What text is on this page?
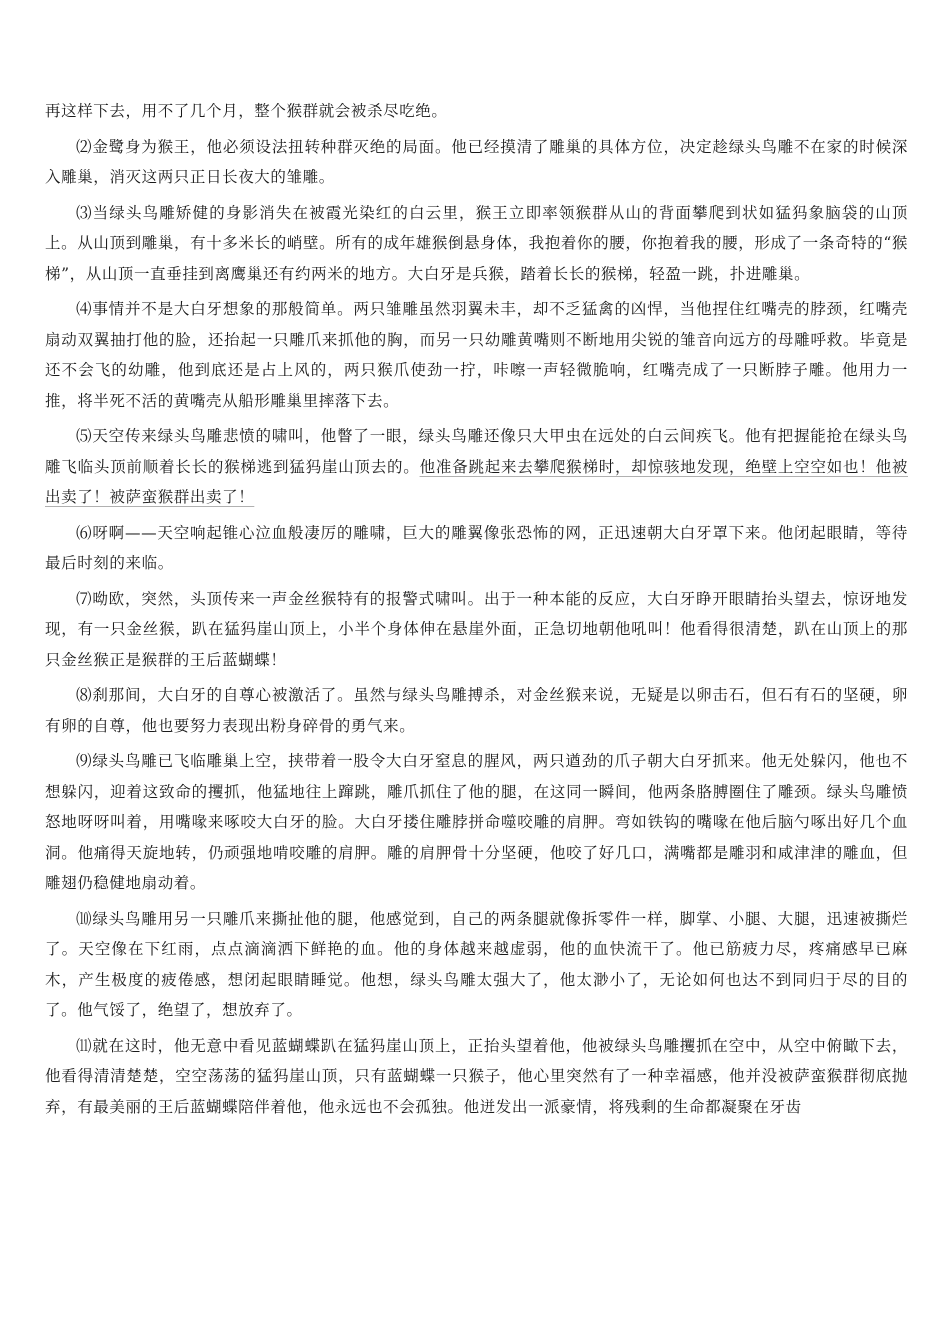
再这样下去，用不了几个月，整个猴群就会被杀尽吃绝。

⑵金鹭身为猴王，他必须设法扭转种群灭绝的局面。他已经摸清了雕巢的具体方位，决定趁绿头鸟雕不在家的时候深入雕巢，消灭这两只正日长夜大的雏雕。

⑶当绿头鸟雕矫健的身影消失在被霞光染红的白云里，猴王立即率领猴群从山的背面攀爬到状如猛犸象脑袋的山顶上。从山顶到雕巢，有十多米长的峭壁。所有的成年雄猴倒悬身体，我抱着你的腰，你抱着我的腰，形成了一条奇特的“猴梯”，从山顶一直垂挂到离鹰巢还有约两米的地方。大白牙是兵猴，踏着长长的猴梯，轻盈一跳，扑进雕巢。

⑷事情并不是大白牙想象的那般简单。两只雏雕虽然羽翼未丰，却不乏猛禽的凶悍，当他捏住红嘴壳的脖颈，红嘴壳扇动双翼抽打他的脸，还抬起一只雕爪来抓他的胸，而另一只幼雕黄嘴则不断地用尖锐的雏音向远方的母雕呼救。毕竟是还不会飞的幼雕，他到底还是占上风的，两只猴爪使劲一拧，咔嚓一声轻微脆响，红嘴壳成了一只断脖子雕。他用力一推，将半死不活的黄嘴壳从船形雕巢里摔落下去。

⑸天空传来绿头鸟雕悲愤的啸叫，他瞥了一眼，绿头鸟雕还像只大甲虫在远处的白云间疾飞。他有把握能抢在绿头鸟雕飞临头顶前顺着长长的猴梯逃到猛犸崖山顶去的。他准备跳起来去攀爬猴梯时，却惊骇地发现，绝壁上空空如也！他被出卖了！被萨蛮猴群出卖了！

⑹呀啊——天空响起锥心泣血般凄厉的雕啸，巨大的雕翼像张恐怖的网，正迅速朝大白牙罩下来。他闭起眼睛，等待最后时刻的来临。

⑺呦欧，突然，头顶传来一声金丝猴特有的报警式啸叫。出于一种本能的反应，大白牙睁开眼睛抬头望去，惊讶地发现，有一只金丝猴，趴在猛犸崖山顶上，小半个身体伸在悬崖外面，正急切地朝他吼叫！他看得很清楚，趴在山顶上的那只金丝猴正是猴群的王后蓝蝴蝶！

⑻刹那间，大白牙的自尊心被激活了。虽然与绿头鸟雕搏杀，对金丝猴来说，无疑是以卵击石，但石有石的坚硬，卵有卵的自尊，他也要努力表现出粉身碎骨的勇气来。

⑼绿头鸟雕已飞临雕巢上空，挟带着一股令大白牙窒息的腥风，两只遒劲的爪子朝大白牙抓来。他无处躲闪，他也不想躲闪，迎着这致命的攫抓，他猛地往上蹿跳，雕爪抓住了他的腿，在这同一瞬间，他两条胳膊圈住了雕颈。绿头鸟雕愤怒地呀呀叫着，用嘴喙来啄咬大白牙的脸。大白牙搂住雕脖拼命噬咬雕的肩胛。弯如铁钩的嘴喙在他后脑勺啄出好几个血洞。他痛得天旋地转，仍顽强地啃咬雕的肩胛。雕的肩胛骨十分坚硬，他咬了好几口，满嘴都是雕羽和咸津津的雕血，但雕翅仍稳健地扇动着。

⑽绿头鸟雕用另一只雕爪来撕扯他的腿，他感觉到，自己的两条腿就像拆零件一样，脚掌、小腿、大腿，迅速被撕烂了。天空像在下红雨，点点滴滴洒下鲜艳的血。他的身体越来越虚弱，他的血快流干了。他已筋疲力尽，疼痛感早已麻木，产生极度的疲倦感，想闭起眼睛睡觉。他想，绿头鸟雕太强大了，他太渺小了，无论如何也达不到同归于尽的目的了。他气馁了，绝望了，想放弃了。

⑾就在这时，他无意中看见蓝蝴蝶趴在猛犸崖山顶上，正抬头望着他，他被绿头鸟雕攫抓在空中，从空中俯瞰下去，他看得清清楚楚，空空荡荡的猛犸崖山顶，只有蓝蝴蝶一只猴子，他心里突然有了一种幸福感，他并没被萨蛮猴群彻底抛弃，有最美丽的王后蓝蝴蝶陪伴着他，他永远也不会孤独。他迸发出一派豪情，将残剩的生命都凝聚在牙齿
